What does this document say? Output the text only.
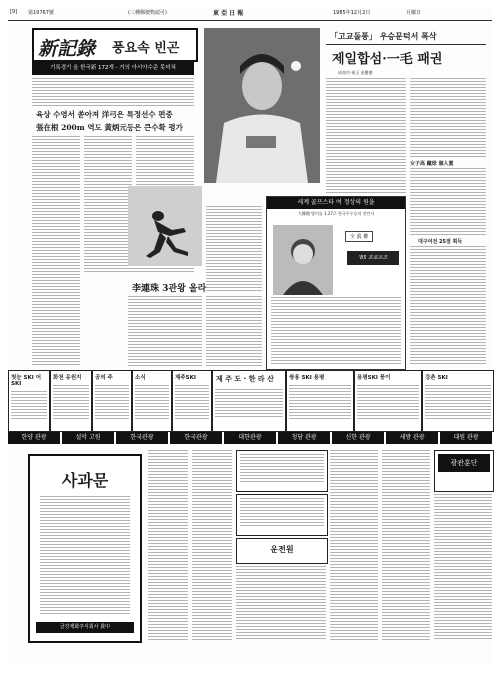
[9] 第19767號	(三種郵便物認可)	東 亞 日 報	1985年12月2日	月曜日
新記錄 풍요속 빈곤
기록경기 올 한국新 172개 - 거의 아시아수준 못미쳐
육상 수영서 쏟아져 洋弓은 특정선수 편중
張在根 200m 역도 黃炳元등은 큰수확 평가
李連珠 3관왕 올라
「고교돌풍」 우승문턱서 폭삭
제일합섬·一毛 패권
成南市·秦玉 金慶德
女子高 蹴球 個人賞
대구여전 25점 획득
세계 골프스타 여 정상의 원을
大韓閣 방어를 1.27로 한국주우승의 전인자
全 眞 權
'85 프로포즈
첫눈 SKI 어 SKI
화천 유원지	공의 주	소식	제주SKI	제 주 도 · 한 라 산	쌍용 SKI 용평	용평SKI 풍이	강촌 SKI
한양 관광	설악 고원	한국관광	한국관광	대한관광	청담 관광	신한 관광	세방 관광	대원 관광
사과문
금강제화주식회사 貴中
운전원
광관훈단
